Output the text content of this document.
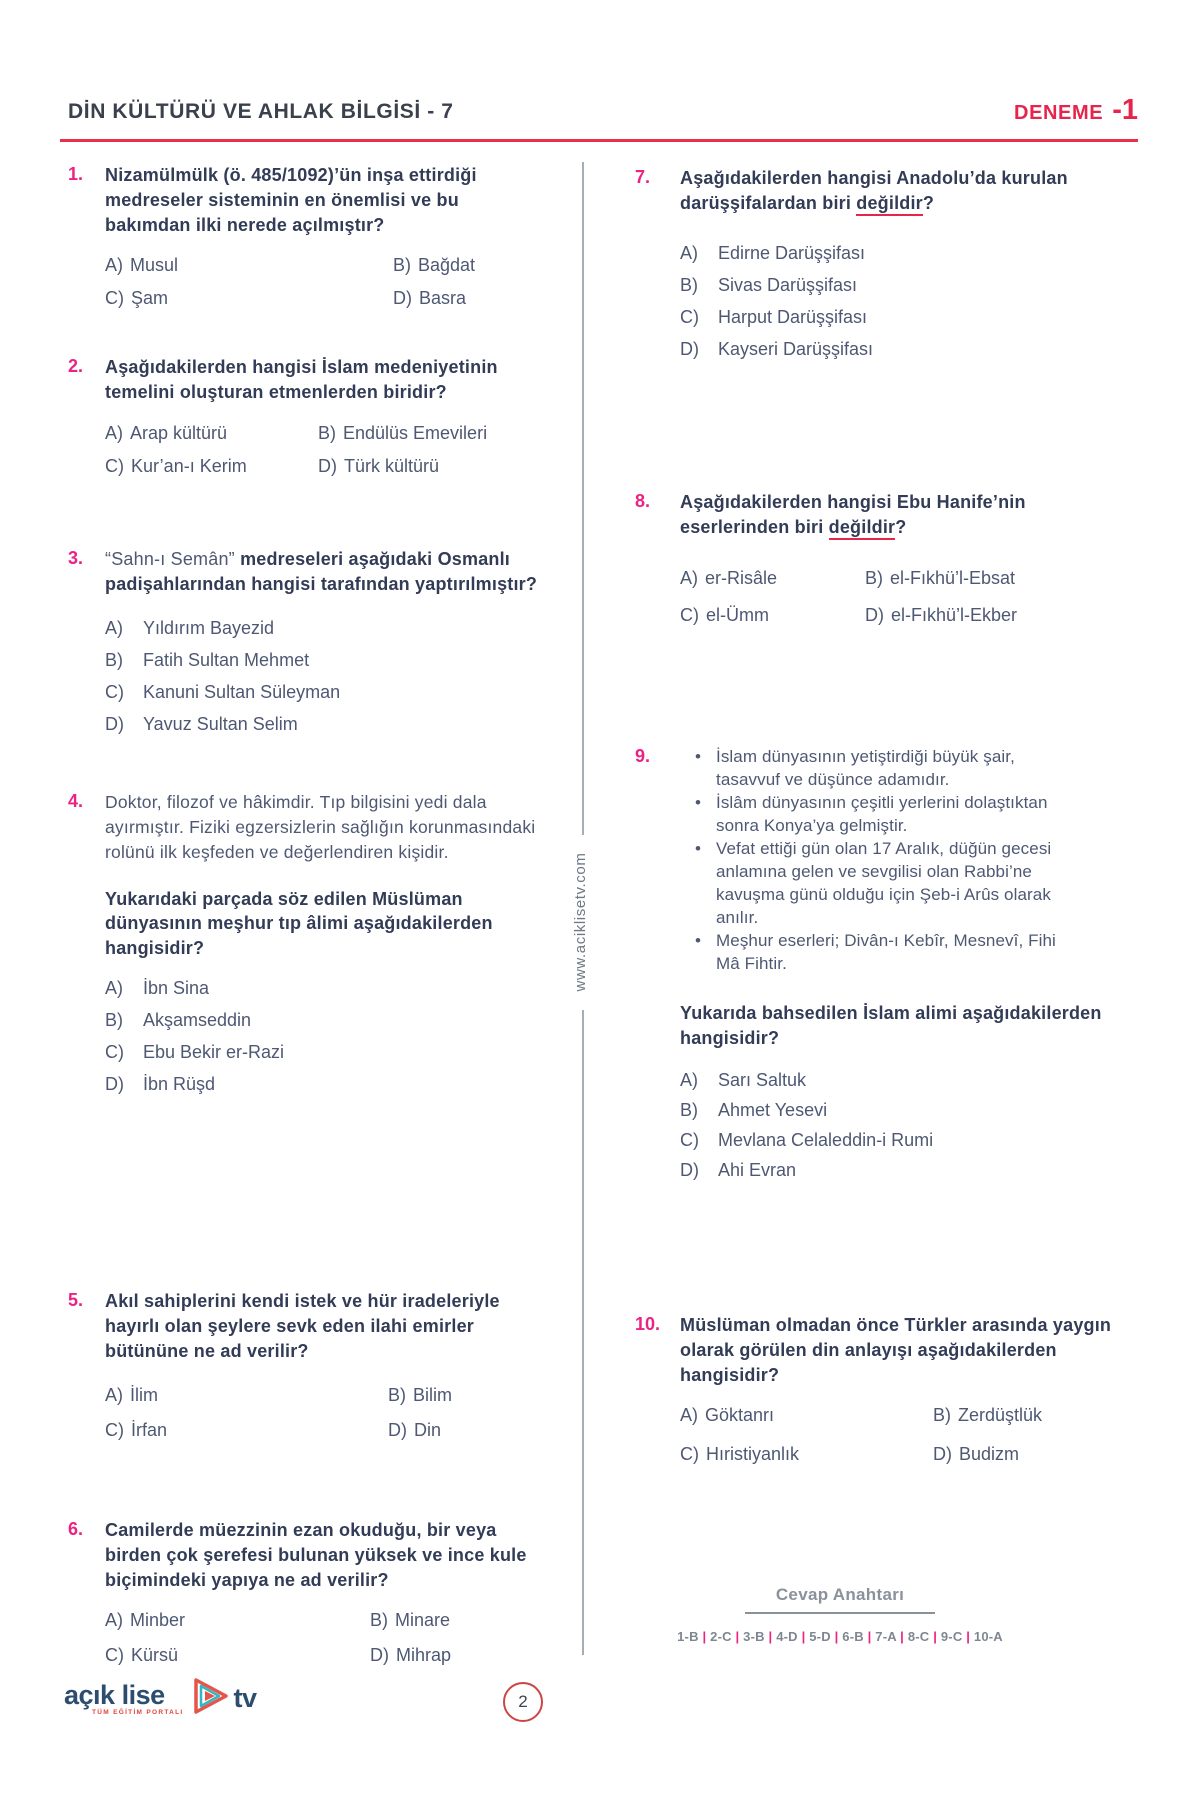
DİN KÜLTÜRÜ VE AHLAK BİLGİSİ - 7	DENEME -1
www.aciklisetv.com
1.	Nizamülmülk (ö. 485/1092)’ün inşa ettirdiği medreseler sisteminin en önemlisi ve bu bakımdan ilki nerede açılmıştır?

A) Musul	B) Bağdat
C) Şam	D) Basra
2.	Aşağıdakilerden hangisi İslam medeniyetinin temelini oluşturan etmenlerden biridir?

A) Arap kültürü	B) Endülüs Emevileri
C) Kur’an-ı Kerim	D) Türk kültürü
3.	“Sahn-ı Semân” medreseleri aşağıdaki Osmanlı padişahlarından hangisi tarafından yaptırılmıştır?

A)	Yıldırım Bayezid
B)	Fatih Sultan Mehmet
C)	Kanuni Sultan Süleyman
D)	Yavuz Sultan Selim
4.	Doktor, filozof ve hâkimdir. Tıp bilgisini yedi dala ayırmıştır. Fiziki egzersizlerin sağlığın korunmasındaki rolünü ilk keşfeden ve değerlendiren kişidir.

Yukarıdaki parçada söz edilen Müslüman dünyasının meşhur tıp âlimi aşağıdakilerden hangisidir?

A)	İbn Sina
B)	Akşamseddin
C)	Ebu Bekir er-Razi
D)	İbn Rüşd
5.	Akıl sahiplerini kendi istek ve hür iradeleriyle hayırlı olan şeylere sevk eden ilahi emirler bütününe ne ad verilir?

A) İlim	B) Bilim
C) İrfan	D) Din
6.	Camilerde müezzinin ezan okuduğu, bir veya birden çok şerefesi bulunan yüksek ve ince kule biçimindeki yapıya ne ad verilir?

A) Minber	B) Minare
C) Kürsü	D) Mihrap
7.	Aşağıdakilerden hangisi Anadolu’da kurulan darüşşifalardan biri değildir?

A)	Edirne Darüşşifası
B)	Sivas Darüşşifası
C)	Harput Darüşşifası
D)	Kayseri Darüşşifası
8.	Aşağıdakilerden hangisi Ebu Hanife’nin eserlerinden biri değildir?

A) er-Risâle	B) el-Fıkhü’l-Ebsat
C) el-Ümm	D) el-Fıkhü’l-Ekber
9.	• İslam dünyasının yetiştirdiği büyük şair, tasavvuf ve düşünce adamıdır.
• İslâm dünyasının çeşitli yerlerini dolaştıktan sonra Konya’ya gelmiştir.
• Vefat ettiği gün olan 17 Aralık, düğün gecesi anlamına gelen ve sevgilisi olan Rabbi’ne kavuşma günü olduğu için Şeb-i Arûs olarak anılır.
• Meşhur eserleri; Divân-ı Kebîr, Mesnevî, Fihi Mâ Fihtir.

Yukarıda bahsedilen İslam alimi aşağıdakilerden hangisidir?

A)	Sarı Saltuk
B)	Ahmet Yesevi
C)	Mevlana Celaleddin-i Rumi
D)	Ahi Evran
10.	Müslüman olmadan önce Türkler arasında yaygın olarak görülen din anlayışı aşağıdakilerden hangisidir?

A) Göktanrı	B) Zerdüştlük
C) Hıristiyanlık	D) Budizm
Cevap Anahtarı
1-B | 2-C | 3-B | 4-D | 5-D | 6-B | 7-A | 8-C | 9-C | 10-A
açık lise
TÜM EĞİTİM PORTALI tv	2
